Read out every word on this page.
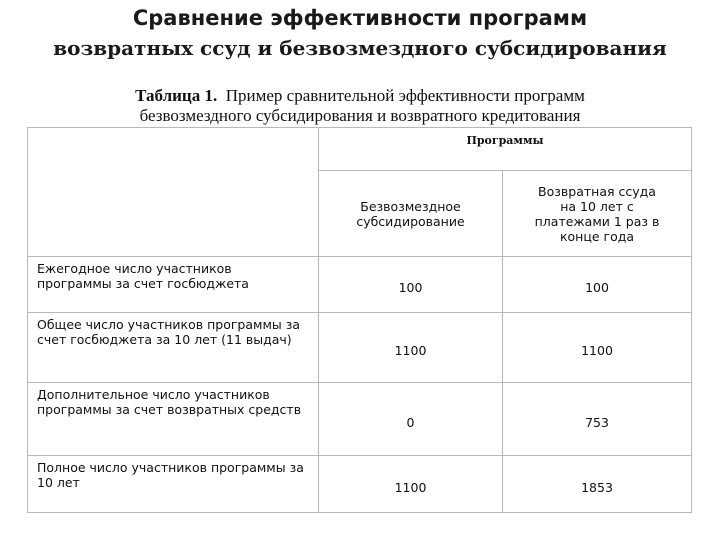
Сравнение эффективности программ
возвратных ссуд и безвозмездного субсидирования
Таблица 1. Пример сравнительной эффективности программ
безвозмездного субсидирования и возвратного кредитования
	Программы	
	Безвозмездное субсидирование	Возвратная ссуда на 10 лет с платежами 1 раз в конце года
Ежегодное число участников программы за счет госбюджета	100	100
Общее число участников программы за счет госбюджета за 10 лет (11 выдач)	1100	1100
Дополнительное число участников программы за счет возвратных средств	0	753
Полное число участников программы за 10 лет	1100	1853
